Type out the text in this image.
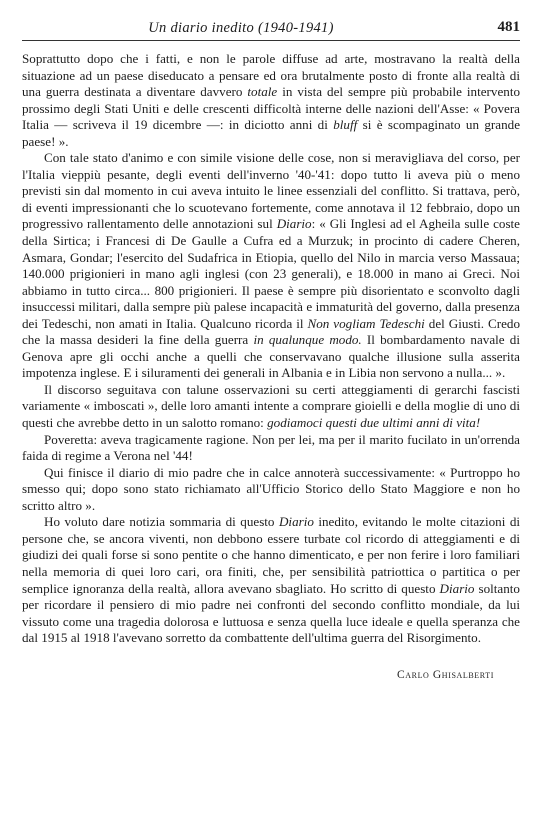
Un diario inedito (1940-1941)	481

Soprattutto dopo che i fatti, e non le parole diffuse ad arte, mostravano la realtà della situazione ad un paese diseducato a pensare ed ora brutalmente posto di fronte alla realtà di una guerra destinata a diventare davvero totale in vista del sempre più probabile intervento prossimo degli Stati Uniti e delle crescenti difficoltà interne delle nazioni dell'Asse: « Povera Italia — scriveva il 19 dicembre —: in diciotto anni di bluff si è scompaginato un grande paese! ».

Con tale stato d'animo e con simile visione delle cose, non si meravigliava del corso, per l'Italia vieppiù pesante, degli eventi dell'inverno '40-'41: dopo tutto li aveva più o meno previsti sin dal momento in cui aveva intuito le linee essenziali del conflitto. Si trattava, però, di eventi impressionanti che lo scuotevano fortemente, come annotava il 12 febbraio, dopo un progressivo rallentamento delle annotazioni sul Diario: « Gli Inglesi ad el Agheila sulle coste della Sirtica; i Francesi di De Gaulle a Cufra ed a Murzuk; in procinto di cadere Cheren, Asmara, Gondar; l'esercito del Sudafrica in Etiopia, quello del Nilo in marcia verso Massaua; 140.000 prigionieri in mano agli inglesi (con 23 generali), e 18.000 in mano ai Greci. Noi abbiamo in tutto circa... 800 prigionieri. Il paese è sempre più disorientato e sconvolto dagli insuccessi militari, dalla sempre più palese incapacità e immaturità del governo, dalla presenza dei Tedeschi, non amati in Italia. Qualcuno ricorda il Non vogliam Tedeschi del Giusti. Credo che la massa desideri la fine della guerra in qualunque modo. Il bombardamento navale di Genova apre gli occhi anche a quelli che conservavano qualche illusione sulla asserita impotenza inglese. E i siluramenti dei generali in Albania e in Libia non servono a nulla... ».

Il discorso seguitava con talune osservazioni su certi atteggiamenti di gerarchi fascisti variamente « imboscati », delle loro amanti intente a comprare gioielli e della moglie di uno di questi che avrebbe detto in un salotto romano: godiamoci questi due ultimi anni di vita!

Poveretta: aveva tragicamente ragione. Non per lei, ma per il marito fucilato in un'orrenda faida di regime a Verona nel '44!

Qui finisce il diario di mio padre che in calce annoterà successivamente: « Purtroppo ho smesso qui; dopo sono stato richiamato all'Ufficio Storico dello Stato Maggiore e non ho scritto altro ».

Ho voluto dare notizia sommaria di questo Diario inedito, evitando le molte citazioni di persone che, se ancora viventi, non debbono essere turbate col ricordo di atteggiamenti e di giudizi dei quali forse si sono pentite o che hanno dimenticato, e per non ferire i loro familiari nella memoria di quei loro cari, ora finiti, che, per sensibilità patriottica o partitica o per semplice ignoranza della realtà, allora avevano sbagliato. Ho scritto di questo Diario soltanto per ricordare il pensiero di mio padre nei confronti del secondo conflitto mondiale, da lui vissuto come una tragedia dolorosa e luttuosa e senza quella luce ideale e quella speranza che dal 1915 al 1918 l'avevano sorretto da combattente dell'ultima guerra del Risorgimento.

Carlo Ghisalberti
